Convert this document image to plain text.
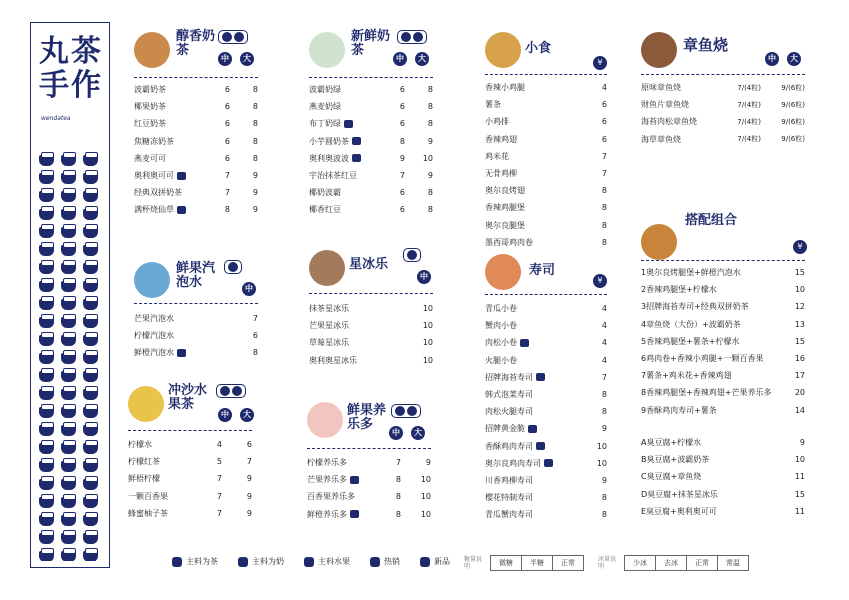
丸茶手作
wendatea
醇香奶茶
中	大
波霸奶茶	6	8
椰果奶茶	6	8
红豆奶茶	6	8
焦糖冻奶茶	6	8
燕麦可可	6	8
奥利奥可可	7	9
经典双拼奶茶	7	9
满杯烧仙草	8	9
新鲜奶茶
中	大
波霸奶绿	6	8
燕麦奶绿	6	8
布丁奶绿	6	8
小芋圆奶茶	8	9
奥利奥波波	9	10
宇治抹茶红豆	7	9
椰奶波霸	6	8
椰香红豆	6	8
鲜果汽泡水	中
芒果汽泡水	7
柠檬汽泡水	6
鲜橙汽泡水	8
星冰乐
中
抹茶星冰乐	10
芒果星冰乐	10
草莓星冰乐	10
奥利奥星冰乐	10
冲沙水果茶
中	大
柠檬水	4	6
柠檬红茶	5	7
鲜梧柠檬	7	9
一颗百香果	7	9
蜂蜜柚子茶	7	9
鲜果养乐多
中	大
柠檬养乐多	7	9
芒果养乐多	8	10
百香果养乐多	8	10
鲜橙养乐多	8	10
小食
¥
香辣小鸡腿	4
薯条	6
小鸡排	6
香辣鸡翅	6
鸡米花	7
无骨鸡柳	7
奥尔良烤翅	8
香辣鸡腿堡	8
奥尔良腿堡	8
墨西哥鸡肉卷	8
寿司
¥
青瓜小卷	4
蟹肉小卷	4
肉松小卷	4
火腿小卷	4
招牌海苔寿司	7
韩式泡菜寿司	8
肉松火腿寿司	8
招牌黄金脆	9
香酥鸡肉寿司	10
奥尔良鸡肉寿司	10
川香鸡柳寿司	9
樱花特制寿司	8
青瓜蟹肉寿司	8
章鱼烧
中	大
原味章鱼烧	7/(4粒)	9/(6粒)
财鱼片章鱼烧	7/(4粒)	9/(6粒)
海苔肉松章鱼烧	7/(4粒)	9/(6粒)
海草章鱼烧	7/(4粒)	9/(6粒)
搭配组合
¥
1奥尔良烤腿堡+鲜橙汽泡水	15
2香辣鸡腿堡+柠檬水	10
3招牌海苔寿司+经典双拼奶茶	12
4章鱼烧（大份）+波霸奶茶	13
5香辣鸡腿堡+薯条+柠檬水	15
6鸡肉卷+香辣小鸡腿+一颗百香果	16
7薯条+鸡米花+香辣鸡翅	17
8香辣鸡腿堡+香辣鸡翅+芒果养乐多	20
9香酥鸡肉寿司+薯条	14
A臭豆腐+柠檬水	9
B臭豆腐+波霸奶茶	10
C臭豆腐+章鱼烧	11
D臭豆腐+抹茶星冰乐	15
E臭豆腐+奥利奥可可	11
主料为茶	主料为奶	主料水果	热销	新品 糖量说明	微糖	半糖	正常	冰量说明	少冰	去冰	正常	常温
